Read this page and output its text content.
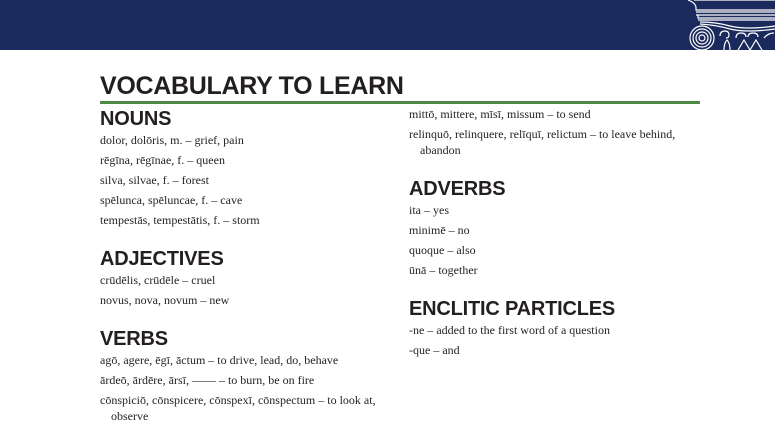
VOCABULARY TO LEARN
NOUNS
dolor, dolōris, m. – grief, pain
rēgīna, rēgīnae, f. – queen
silva, silvae, f. – forest
spēlunca, spēluncae, f. – cave
tempestās, tempestātis, f. – storm
ADJECTIVES
crūdēlis, crūdēle – cruel
novus, nova, novum – new
VERBS
agō, agere, ēgī, āctum – to drive, lead, do, behave
ārdeō, ārdēre, ārsī, —— – to burn, be on fire
cōnspiciō, cōnspicere, cōnspexī, cōnspectum – to look at, observe
mittō, mittere, mīsī, missum – to send
relinquō, relinquere, relīquī, relictum – to leave behind, abandon
ADVERBS
ita – yes
minimē – no
quoque – also
ūnā – together
ENCLITIC PARTICLES
-ne – added to the first word of a question
-que – and
